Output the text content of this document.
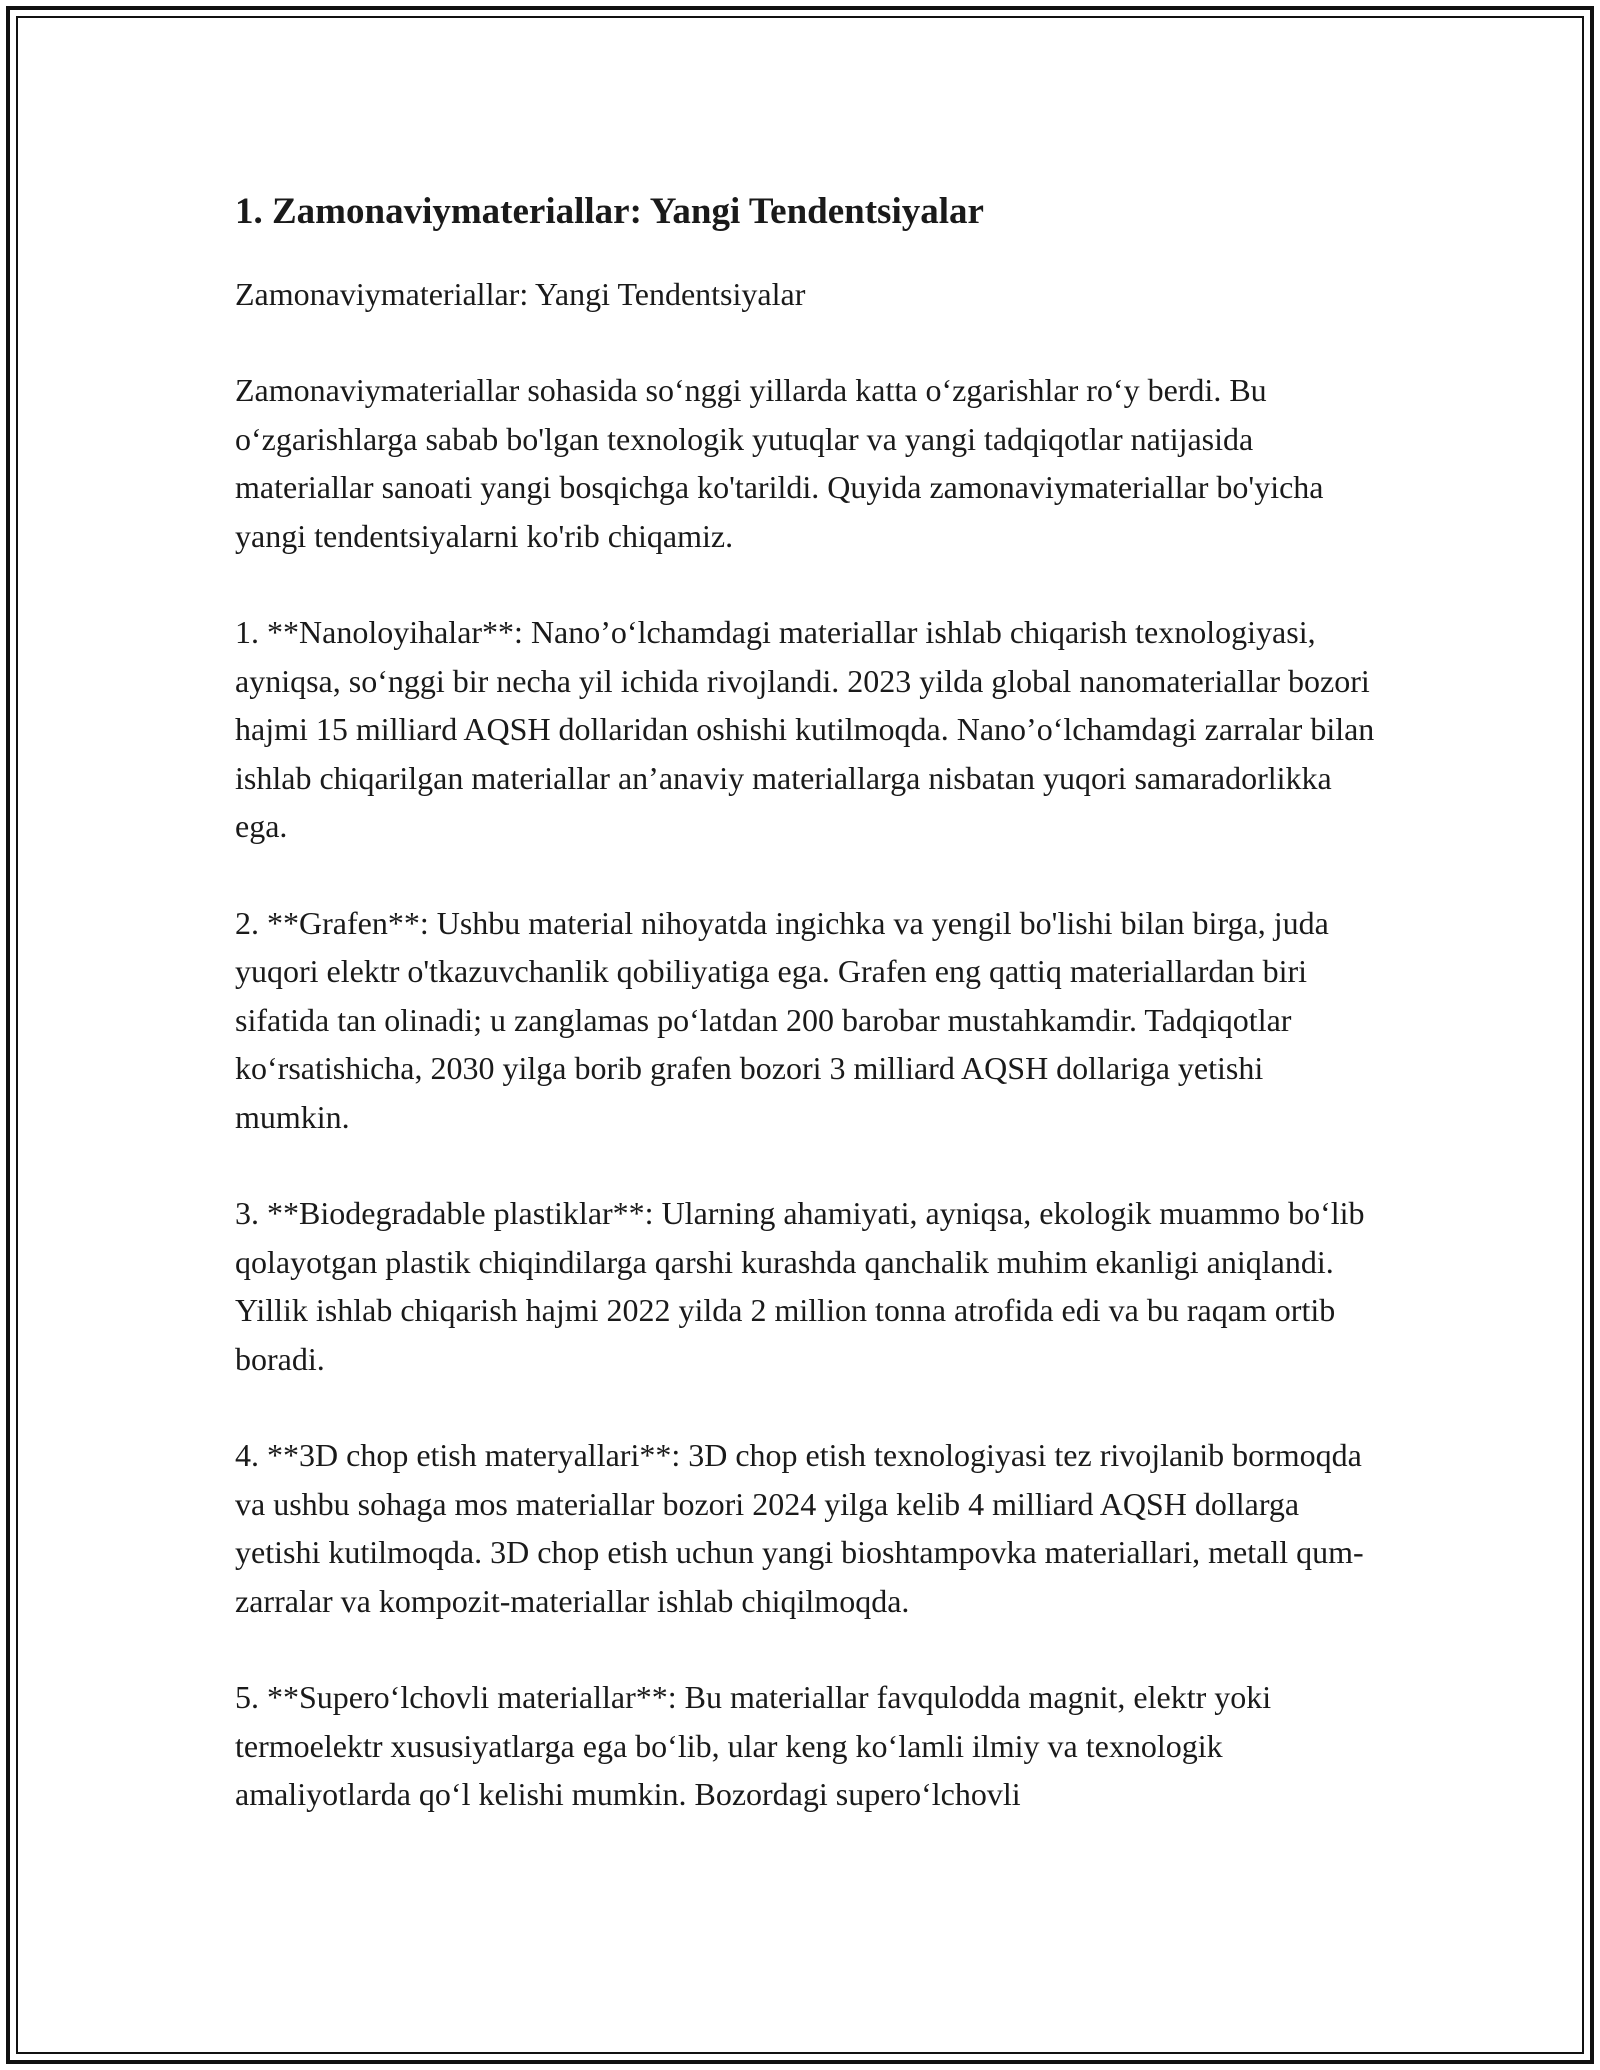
1. Zamonaviymateriallar: Yangi Tendentsiyalar

Zamonaviymateriallar: Yangi Tendentsiyalar

Zamonaviymateriallar sohasida so‘nggi yillarda katta o‘zgarishlar ro‘y berdi. Bu o‘zgarishlarga sabab bo'lgan texnologik yutuqlar va yangi tadqiqotlar natijasida materiallar sanoati yangi bosqichga ko'tarildi. Quyida zamonaviymateriallar bo'yicha yangi tendentsiyalarni ko'rib chiqamiz.

1. **Nanoloyihalar**: Nano’o‘lchamdagi materiallar ishlab chiqarish texnologiyasi, ayniqsa, so‘nggi bir necha yil ichida rivojlandi. 2023 yilda global nanomateriallar bozori hajmi 15 milliard AQSH dollaridan oshishi kutilmoqda. Nano’o‘lchamdagi zarralar bilan ishlab chiqarilgan materiallar an’anaviy materiallarga nisbatan yuqori samaradorlikka ega.

2. **Grafen**: Ushbu material nihoyatda ingichka va yengil bo'lishi bilan birga, juda yuqori elektr o'tkazuvchanlik qobiliyatiga ega. Grafen eng qattiq materiallardan biri sifatida tan olinadi; u zanglamas po‘latdan 200 barobar mustahkamdir. Tadqiqotlar ko‘rsatishicha, 2030 yilga borib grafen bozori 3 milliard AQSH dollariga yetishi mumkin.

3. **Biodegradable plastiklar**: Ularning ahamiyati, ayniqsa, ekologik muammo bo‘lib qolayotgan plastik chiqindilarga qarshi kurashda qanchalik muhim ekanligi aniqlandi. Yillik ishlab chiqarish hajmi 2022 yilda 2 million tonna atrofida edi va bu raqam ortib boradi.

4. **3D chop etish materyallari**: 3D chop etish texnologiyasi tez rivojlanib bormoqda va ushbu sohaga mos materiallar bozori 2024 yilga kelib 4 milliard AQSH dollarga yetishi kutilmoqda. 3D chop etish uchun yangi bioshtampovka materiallari, metall qum-zarralar va kompozit-materiallar ishlab chiqilmoqda.

5. **Supero‘lchovli materiallar**: Bu materiallar favqulodda magnit, elektr yoki termoelektr xususiyatlarga ega bo‘lib, ular keng ko‘lamli ilmiy va texnologik amaliyotlarda qo‘l kelishi mumkin. Bozordagi supero‘lchovli
